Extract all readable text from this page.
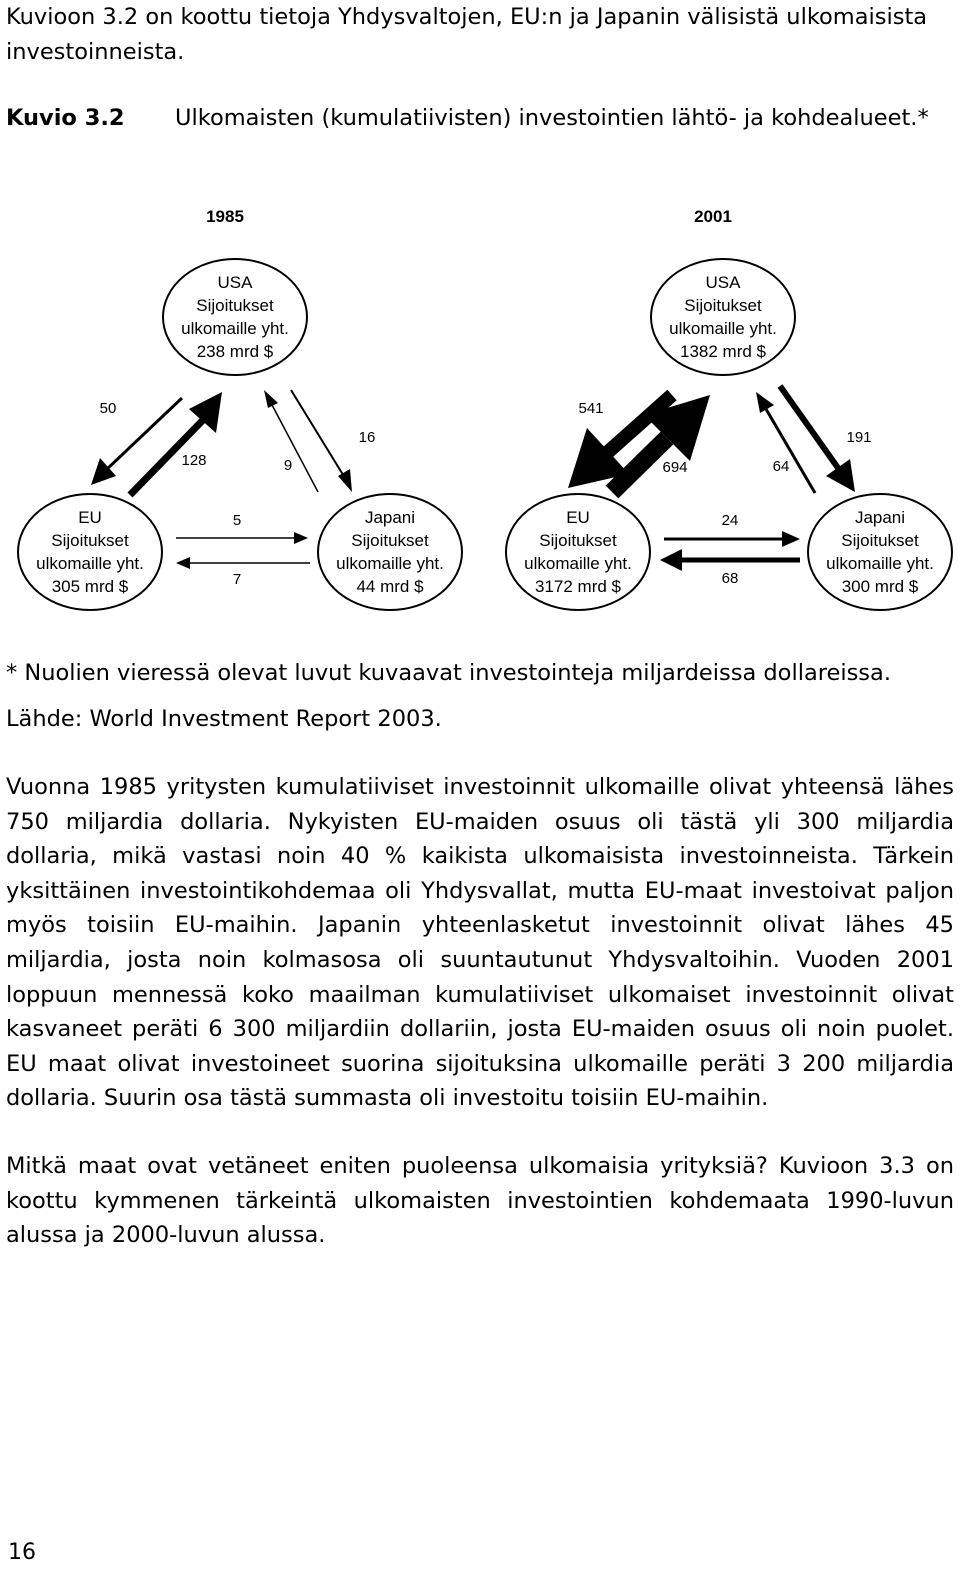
Kuvioon 3.2 on koottu tietoja Yhdysvaltojen, EU:n ja Japanin välisistä ulkomaisista investoinneista.
Kuvio 3.2 Ulkomaisten (kumulatiivisten) investointien lähtö- ja kohdealueet.*
1985	2001
USA
Sijoitukset
ulkomaille yht.
238 mrd $
EU
Sijoitukset
ulkomaille yht.
305 mrd $
Japani
Sijoitukset
ulkomaille yht.
44 mrd $
50
128
16
9
5
7
USA
Sijoitukset
ulkomaille yht.
1382 mrd $
EU
Sijoitukset
ulkomaille yht.
3172 mrd $
Japani
Sijoitukset
ulkomaille yht.
300 mrd $
541
694
191
64
24
68
* Nuolien vieressä olevat luvut kuvaavat investointeja miljardeissa dollareissa.
Lähde: World Investment Report 2003.
Vuonna 1985 yritysten kumulatiiviset investoinnit ulkomaille olivat yhteensä lähes 750 miljardia dollaria. Nykyisten EU-maiden osuus oli tästä yli 300 miljardia dollaria, mikä vastasi noin 40 % kaikista ulkomaisista investoinneista. Tärkein yksittäinen investointikohdemaa oli Yhdysvallat, mutta EU-maat investoivat paljon myös toisiin EU-maihin. Japanin yhteenlasketut investoinnit olivat lähes 45 miljardia, josta noin kolmasosa oli suuntautunut Yhdysvaltoihin. Vuoden 2001 loppuun mennessä koko maailman kumulatiiviset ulkomaiset investoinnit olivat kasvaneet peräti 6 300 miljardiin dollariin, josta EU-maiden osuus oli noin puolet. EU maat olivat investoineet suorina sijoituksina ulkomaille peräti 3 200 miljardia dollaria. Suurin osa tästä summasta oli investoitu toisiin EU-maihin.
Mitkä maat ovat vetäneet eniten puoleensa ulkomaisia yrityksiä? Kuvioon 3.3 on koottu kymmenen tärkeintä ulkomaisten investointien kohdemaata 1990-luvun alussa ja 2000-luvun alussa.
16
